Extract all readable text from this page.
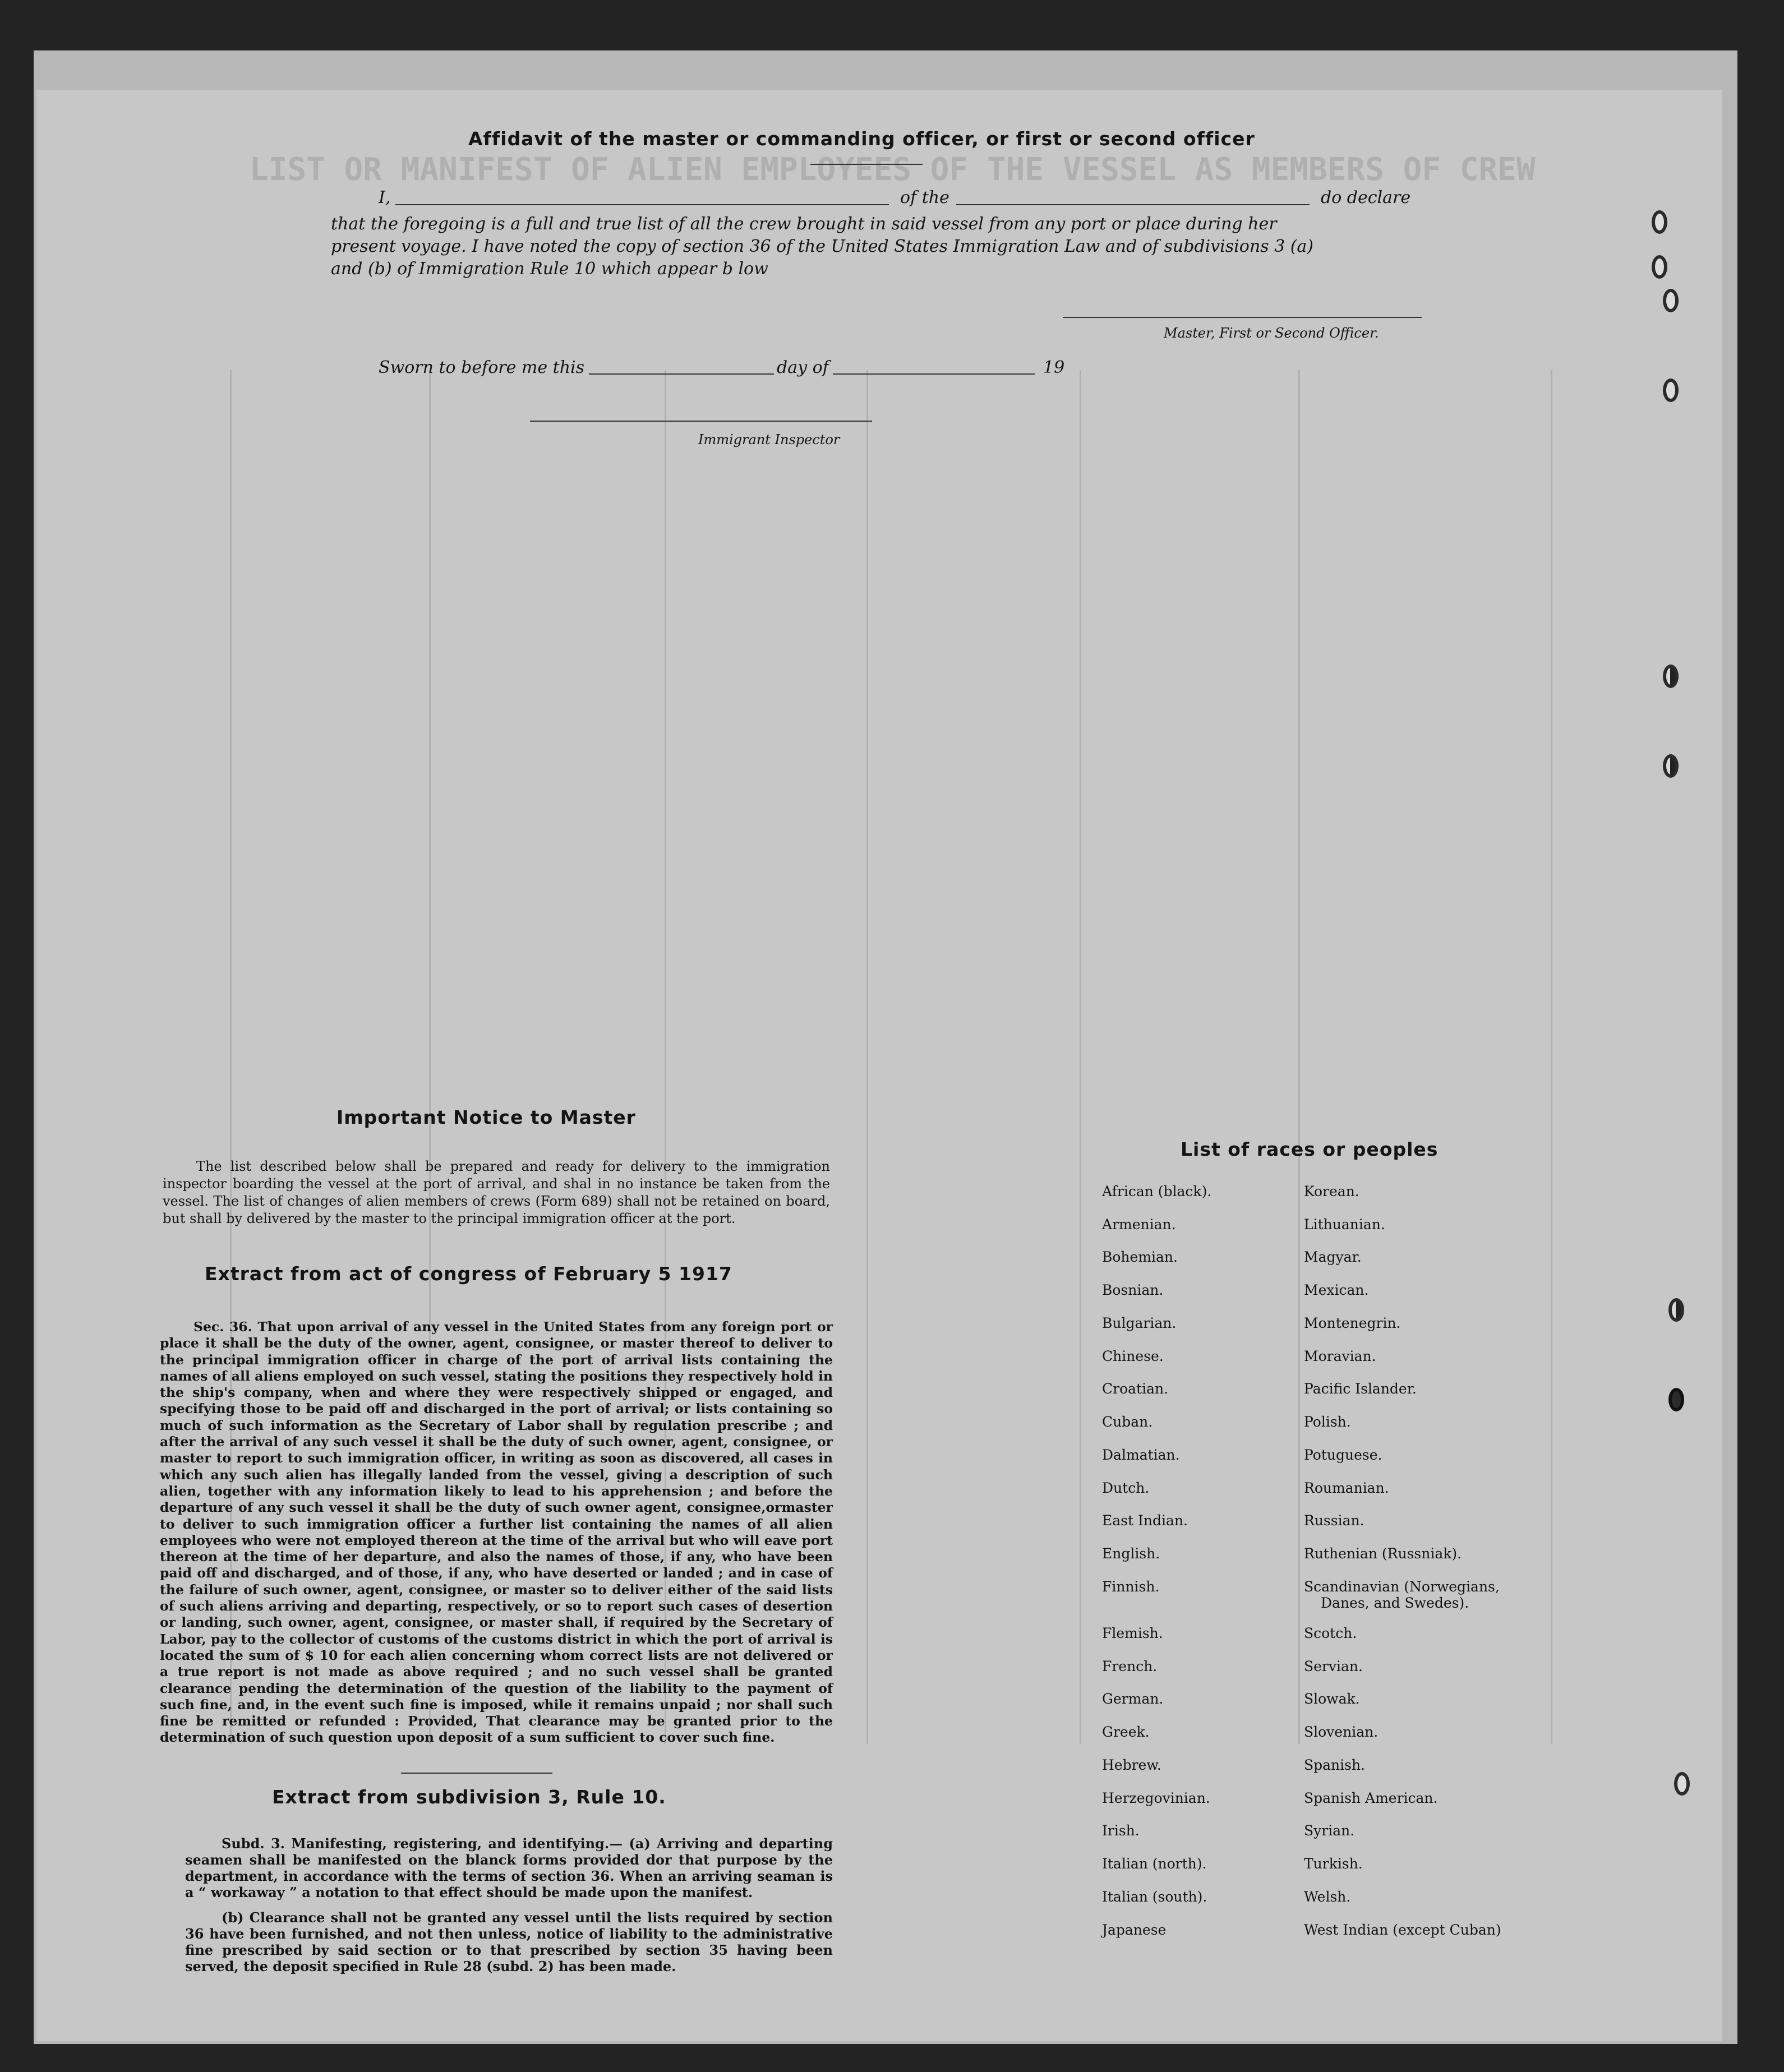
LIST OR MANIFEST OF ALIEN EMPLOYEES OF THE VESSEL AS MEMBERS OF CREW
Affidavit of the master or commanding officer, or first or second officer
I,	of the	do declare
that the foregoing is a full and true list of all the crew brought in said vessel from any port or place during her
present voyage. I have noted the copy of section 36 of the United States Immigration Law and of subdivisions 3 (a)
and (b) of Immigration Rule 10 which appear b low
Master, First or Second Officer.
Sworn to before me this	day of	19
Immigrant Inspector
Important Notice to Master
The list described below shall be prepared and ready for delivery to the immigration inspector boarding the vessel at the port of arrival, and shal in no instance be taken from the vessel. The list of changes of alien members of crews (Form 689) shall not be retained on board, but shall by delivered by the master to the principal immigration officer at the port.
Extract from act of congress of February 5 1917
Sec. 36. That upon arrival of any vessel in the United States from any foreign port or place it shall be the duty of the owner, agent, consignee, or master thereof to deliver to the principal immigration officer in charge of the port of arrival lists containing the names of all aliens employed on such vessel, stating the positions they respectively hold in the ship's company, when and where they were respectively shipped or engaged, and specifying those to be paid off and discharged in the port of arrival; or lists containing so much of such information as the Secretary of Labor shall by regulation prescribe ; and after the arrival of any such vessel it shall be the duty of such owner, agent, consignee, or master to report to such immigration officer, in writing as soon as discovered, all cases in which any such alien has illegally landed from the vessel, giving a description of such alien, together with any information likely to lead to his apprehension ; and before the departure of any such vessel it shall be the duty of such owner agent, consignee,ormaster to deliver to such immigration officer a further list containing the names of all alien employees who were not employed thereon at the time of the arrival but who will eave port thereon at the time of her departure, and also the names of those, if any, who have been paid off and discharged, and of those, if any, who have deserted or landed ; and in case of the failure of such owner, agent, consignee, or master so to deliver either of the said lists of such aliens arriving and departing, respectively, or so to report such cases of desertion or landing, such owner, agent, consignee, or master shall, if required by the Secretary of Labor, pay to the collector of customs of the customs district in which the port of arrival is located the sum of $ 10 for each alien concerning whom correct lists are not delivered or a true report is not made as above required ; and no such vessel shall be granted clearance pending the determination of the question of the liability to the payment of such fine, and, in the event such fine is imposed, while it remains unpaid ; nor shall such fine be remitted or refunded : Provided, That clearance may be granted prior to the determination of such question upon deposit of a sum sufficient to cover such fine.
Extract from subdivision 3, Rule 10.
Subd. 3. Manifesting, registering, and identifying.— (a) Arriving and departing seamen shall be manifested on the blanck forms provided dor that purpose by the department, in accordance with the terms of section 36. When an arriving seaman is a “ workaway ” a notation to that effect should be made upon the manifest.
(b) Clearance shall not be granted any vessel until the lists required by section 36 have been furnished, and not then unless, notice of liability to the administrative fine prescribed by said section or to that prescribed by section 35 having been served, the deposit specified in Rule 28 (subd. 2) has been made.
List of races or peoples
African (black).
Armenian.
Bohemian.
Bosnian.
Bulgarian.
Chinese.
Croatian.
Cuban.
Dalmatian.
Dutch.
East Indian.
English.
Finnish.
Flemish.
French.
German.
Greek.
Hebrew.
Herzegovinian.
Irish.
Italian (north).
Italian (south).
Japanese
Korean.
Lithuanian.
Magyar.
Mexican.
Montenegrin.
Moravian.
Pacific Islander.
Polish.
Potuguese.
Roumanian.
Russian.
Ruthenian (Russniak).
Scandinavian (Norwegians,
Danes, and Swedes).
Scotch.
Servian.
Slowak.
Slovenian.
Spanish.
Spanish American.
Syrian.
Turkish.
Welsh.
West Indian (except Cuban)
